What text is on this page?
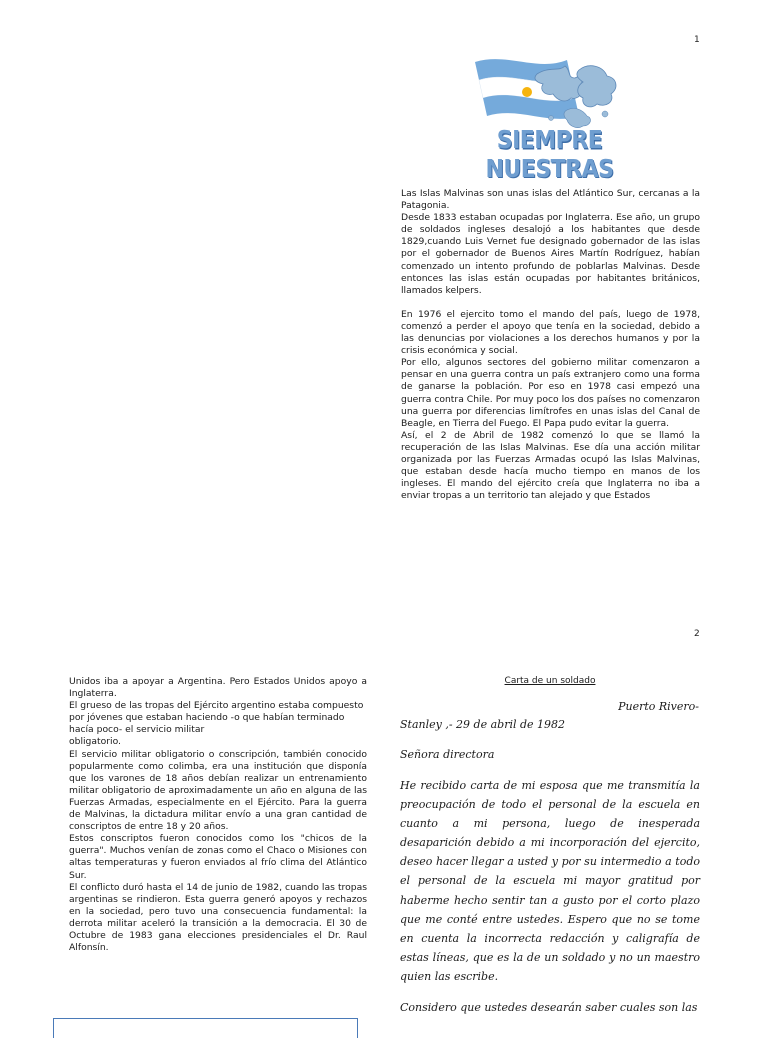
1
SIEMPRE NUESTRAS

Las Islas Malvinas son unas islas del Atlántico Sur, cercanas a la Patagonia.

Desde 1833 estaban ocupadas por Inglaterra. Ese año, un grupo de soldados ingleses desalojó a los habitantes que desde 1829,cuando Luis Vernet fue designado gobernador de las islas por el gobernador de Buenos Aires Martín Rodríguez, habían comenzado un intento profundo de poblarlas Malvinas. Desde entonces las islas están ocupadas por habitantes británicos, llamados kelpers.

En 1976 el ejercito tomo el mando del país, luego de 1978, comenzó a perder el apoyo que tenía en la sociedad, debido a las denuncias por violaciones a los derechos humanos y por la crisis económica y social.

Por ello, algunos sectores del gobierno militar comenzaron a pensar en una guerra contra un país extranjero como una forma de ganarse la población. Por eso en 1978 casi empezó una guerra contra Chile. Por muy poco los dos países no comenzaron una guerra por diferencias limítrofes en unas islas del Canal de Beagle, en Tierra del Fuego. El Papa pudo evitar la guerra.

Así, el 2 de Abril de 1982 comenzó lo que se llamó la recuperación de las Islas Malvinas. Ese día una acción militar organizada por las Fuerzas Armadas ocupó las Islas Malvinas, que estaban desde hacía mucho tiempo en manos de los ingleses. El mando del ejército creía que Inglaterra no iba a enviar tropas a un territorio tan alejado y que Estados

2

Unidos iba a apoyar a Argentina. Pero Estados Unidos apoyo a Inglaterra.

El grueso de las tropas del Ejército argentino estaba compuesto por jóvenes que estaban haciendo -o que habían terminado hacía poco- el servicio militar

obligatorio.

El servicio militar obligatorio o conscripción, también conocido popularmente como colimba, era una institución que disponía que los varones de 18 años debían realizar un entrenamiento militar obligatorio de aproximadamente un año en alguna de las Fuerzas Armadas, especialmente en el Ejército. Para la guerra de Malvinas, la dictadura militar envío a una gran cantidad de conscriptos de entre 18 y 20 años.

Estos conscriptos fueron conocidos como los "chicos de la guerra". Muchos venían de zonas como el Chaco o Misiones con altas temperaturas y fueron enviados al frío clima del Atlántico Sur.

El conflicto duró hasta el 14 de junio de 1982, cuando las tropas argentinas se rindieron. Esta guerra generó apoyos y rechazos en la sociedad, pero tuvo una consecuencia fundamental: la derrota militar aceleró la transición a la democracia. El 30 de Octubre de 1983 gana elecciones presidenciales el Dr. Raul Alfonsín.

Carta de un soldado

Puerto Rivero-

Stanley ,- 29 de abril de 1982

Señora directora

He recibido carta de mi esposa que me transmitía la preocupación de todo el personal de la escuela en cuanto a mi persona, luego de inesperada desaparición debido a mi incorporación del ejercito, deseo hacer llegar a usted y por su intermedio a todo el personal de la escuela mi mayor gratitud por haberme hecho sentir tan a gusto por el corto plazo que me conté entre ustedes. Espero que no se tome en cuenta la incorrecta redacción y caligrafía de estas líneas, que es la de un soldado y no un maestro quien las escribe.

Considero que ustedes desearán saber cuales son las
